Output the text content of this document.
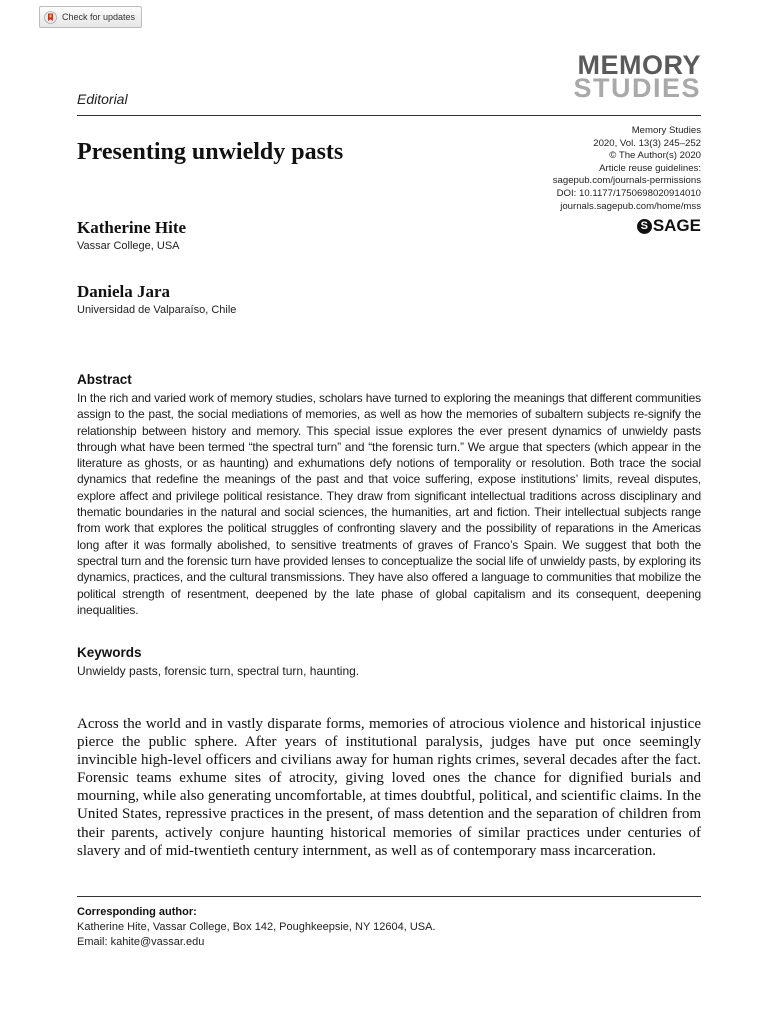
Check for updates
MEMORY
STUDIES
Editorial
Presenting unwieldy pasts
Memory Studies
2020, Vol. 13(3) 245–252
© The Author(s) 2020
Article reuse guidelines:
sagepub.com/journals-permissions
DOI: 10.1177/1750698020914010
journals.sagepub.com/home/mss
S SAGE
Katherine Hite
Vassar College, USA
Daniela Jara
Universidad de Valparaíso, Chile
Abstract

In the rich and varied work of memory studies, scholars have turned to exploring the meanings that different communities assign to the past, the social mediations of memories, as well as how the memories of subaltern subjects re-signify the relationship between history and memory. This special issue explores the ever present dynamics of unwieldy pasts through what have been termed “the spectral turn” and “the forensic turn.” We argue that specters (which appear in the literature as ghosts, or as haunting) and exhumations defy notions of temporality or resolution. Both trace the social dynamics that redefine the meanings of the past and that voice suffering, expose institutions’ limits, reveal disputes, explore affect and privilege political resistance. They draw from significant intellectual traditions across disciplinary and thematic boundaries in the natural and social sciences, the humanities, art and fiction. Their intellectual subjects range from work that explores the political struggles of confronting slavery and the possibility of reparations in the Americas long after it was formally abolished, to sensitive treatments of graves of Franco’s Spain. We suggest that both the spectral turn and the forensic turn have provided lenses to conceptualize the social life of unwieldy pasts, by exploring its dynamics, practices, and the cultural transmissions. They have also offered a language to communities that mobilize the political strength of resentment, deepened by the late phase of global capitalism and its consequent, deepening inequalities.

Keywords
Unwieldy pasts, forensic turn, spectral turn, haunting.

Across the world and in vastly disparate forms, memories of atrocious violence and historical injustice pierce the public sphere. After years of institutional paralysis, judges have put once seemingly invincible high-level officers and civilians away for human rights crimes, several decades after the fact. Forensic teams exhume sites of atrocity, giving loved ones the chance for dignified burials and mourning, while also generating uncomfortable, at times doubtful, political, and scientific claims. In the United States, repressive practices in the present, of mass detention and the separation of children from their parents, actively conjure haunting historical memories of similar practices under centuries of slavery and of mid-twentieth century internment, as well as of contemporary mass incarceration.

Corresponding author:
Katherine Hite, Vassar College, Box 142, Poughkeepsie, NY 12604, USA.
Email: kahite@vassar.edu
